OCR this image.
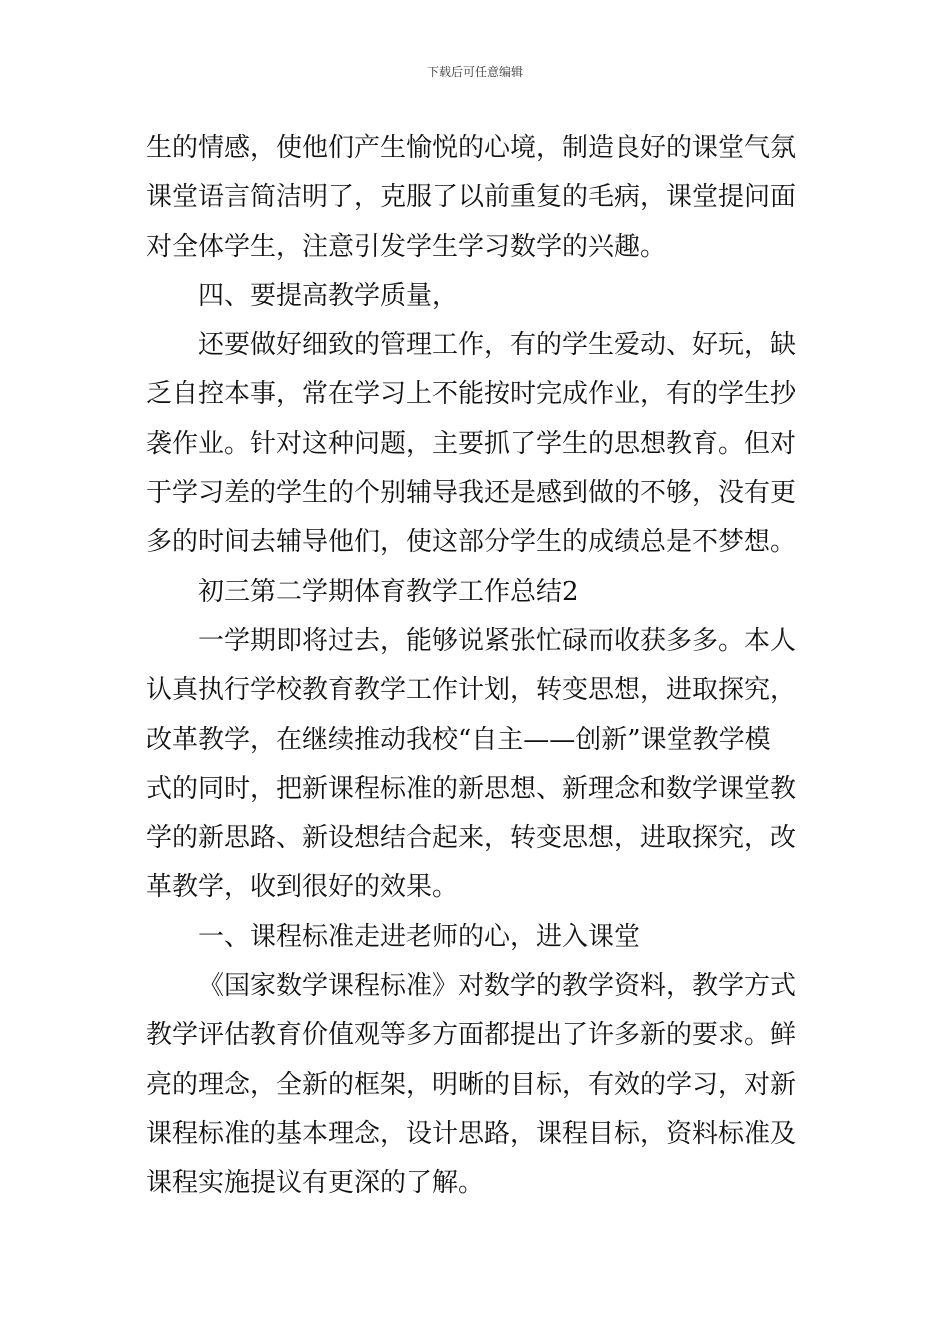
下载后可任意编辑
生的情感，使他们产生愉悦的心境，制造良好的课堂气氛
课堂语言简洁明了，克服了以前重复的毛病，课堂提问面
对全体学生，注意引发学生学习数学的兴趣。
四、要提高教学质量，
还要做好细致的管理工作，有的学生爱动、好玩，缺
乏自控本事，常在学习上不能按时完成作业，有的学生抄
袭作业。针对这种问题，主要抓了学生的思想教育。但对
于学习差的学生的个别辅导我还是感到做的不够，没有更
多的时间去辅导他们，使这部分学生的成绩总是不梦想。
初三第二学期体育教学工作总结2
一学期即将过去，能够说紧张忙碌而收获多多。本人
认真执行学校教育教学工作计划，转变思想，进取探究，
改革教学，在继续推动我校“自主——创新”课堂教学模
式的同时，把新课程标准的新思想、新理念和数学课堂教
学的新思路、新设想结合起来，转变思想，进取探究，改
革教学，收到很好的效果。
一、课程标准走进老师的心，进入课堂
《国家数学课程标准》对数学的教学资料，教学方式
教学评估教育价值观等多方面都提出了许多新的要求。鲜
亮的理念，全新的框架，明晰的目标，有效的学习，对新
课程标准的基本理念，设计思路，课程目标，资料标准及
课程实施提议有更深的了解。
